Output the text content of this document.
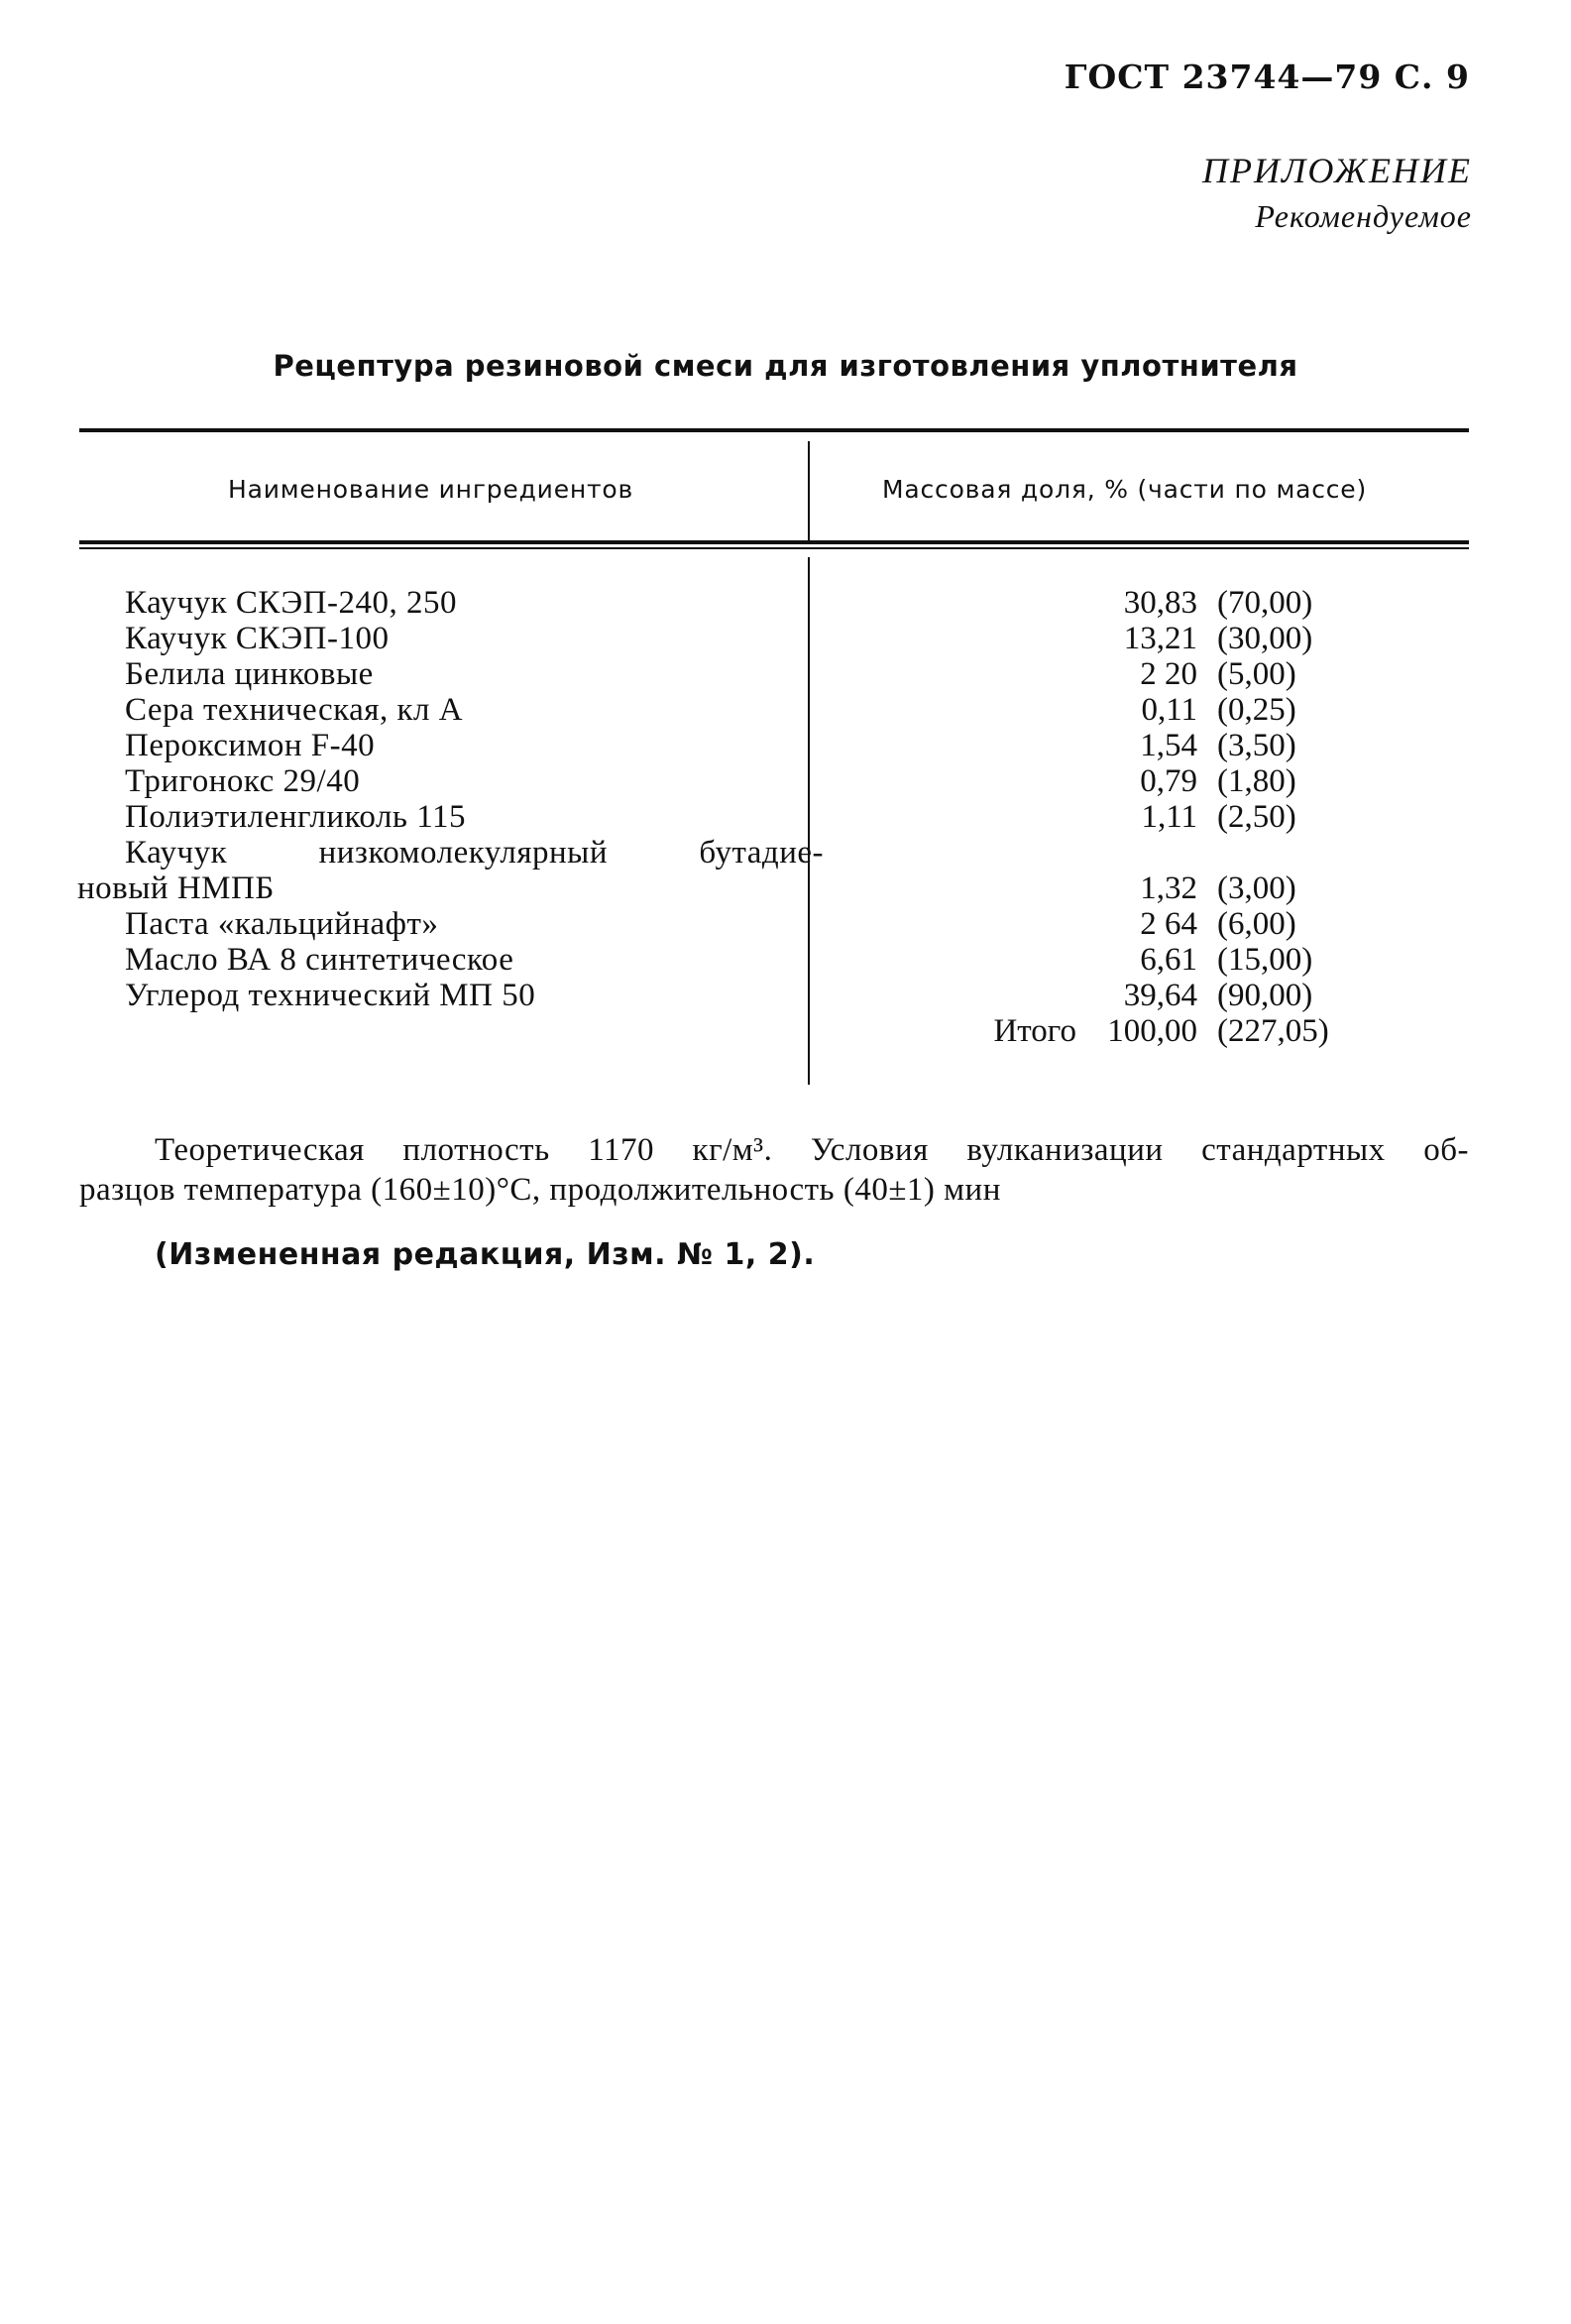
ГОСТ 23744—79 С. 9
ПРИЛОЖЕНИЕ
Рекомендуемое
Рецептура резиновой смеси для изготовления уплотнителя
Наименование ингредиентов	Массовая доля, % (части по массе)
Каучук СКЭП-240, 250	30,83 (70,00)
Каучук СКЭП-100	13,21 (30,00)
Белила цинковые	2 20 (5,00)
Сера техническая, кл А	0,11 (0,25)
Пероксимон F-40	1,54 (3,50)
Тригонокс 29/40	0,79 (1,80)
Полиэтиленгликоль 115	1,11 (2,50)
Каучук низкомолекулярный бутадие-
новый НМПБ	1,32 (3,00)
Паста «кальцийнафт»	2 64 (6,00)
Масло ВА 8 синтетическое	6,61 (15,00)
Углерод технический МП 50	39,64 (90,00)
Итого 100,00 (227,05)
Теоретическая плотность 1170 кг/м³. Условия вулканизации стандартных об-
разцов температура (160±10)°С, продолжительность (40±1) мин
(Измененная редакция, Изм. № 1, 2).
